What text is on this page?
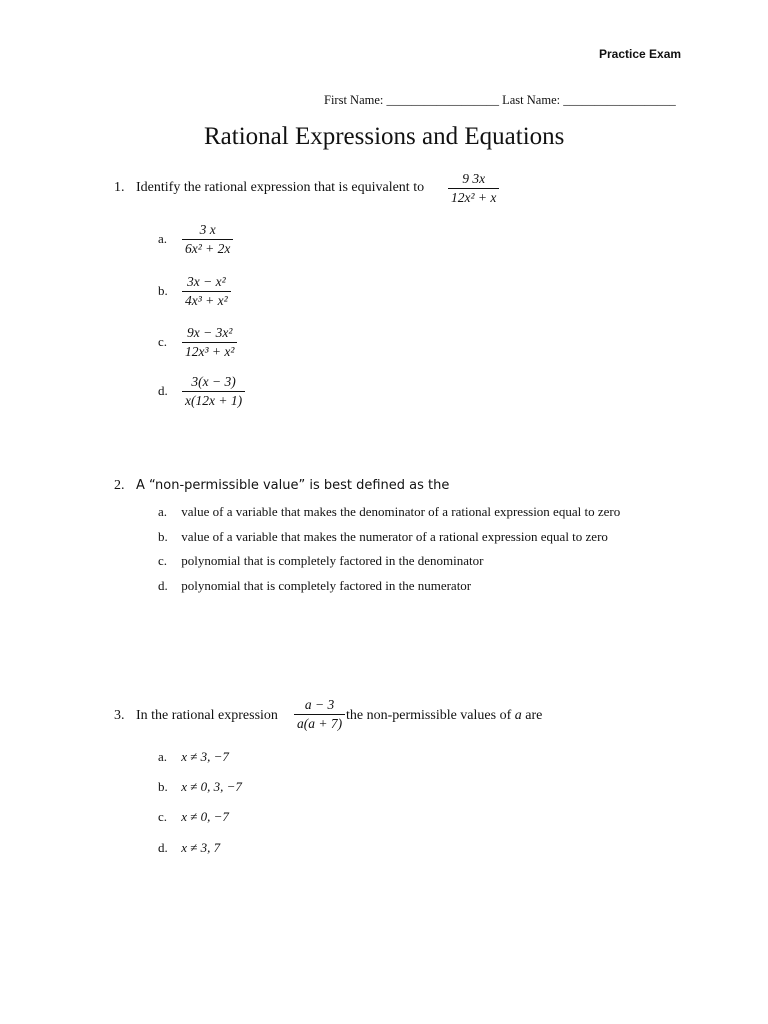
Practice Exam
First Name: __________________ Last Name: __________________
Rational Expressions and Equations
1. Identify the rational expression that is equivalent to $\frac{9 3x}{\text{12x² + x}}$
a. $\frac{3 x}{\text{6x² + 2x}}$
b. $\frac{\text{3x − x²}}{\text{4x³ + x²}}$
c. $\frac{\text{9x − 3x²}}{\text{12x³ + x²}}$
d. $\frac{3(x - 3)}{x(12x + 1)}$
2. A “non-permissible value” is best defined as the
a. value of a variable that makes the denominator of a rational expression equal to zero
b. value of a variable that makes the numerator of a rational expression equal to zero
c. polynomial that is completely factored in the denominator
d. polynomial that is completely factored in the numerator
3. In the rational expression $\frac{a - 3}{a(a + 7)}$ the non-permissible values of a are
a. x ≠ 3, −7
b. x ≠ 0, 3, −7
c. x ≠ 0, −7
d. x ≠ 3, 7
